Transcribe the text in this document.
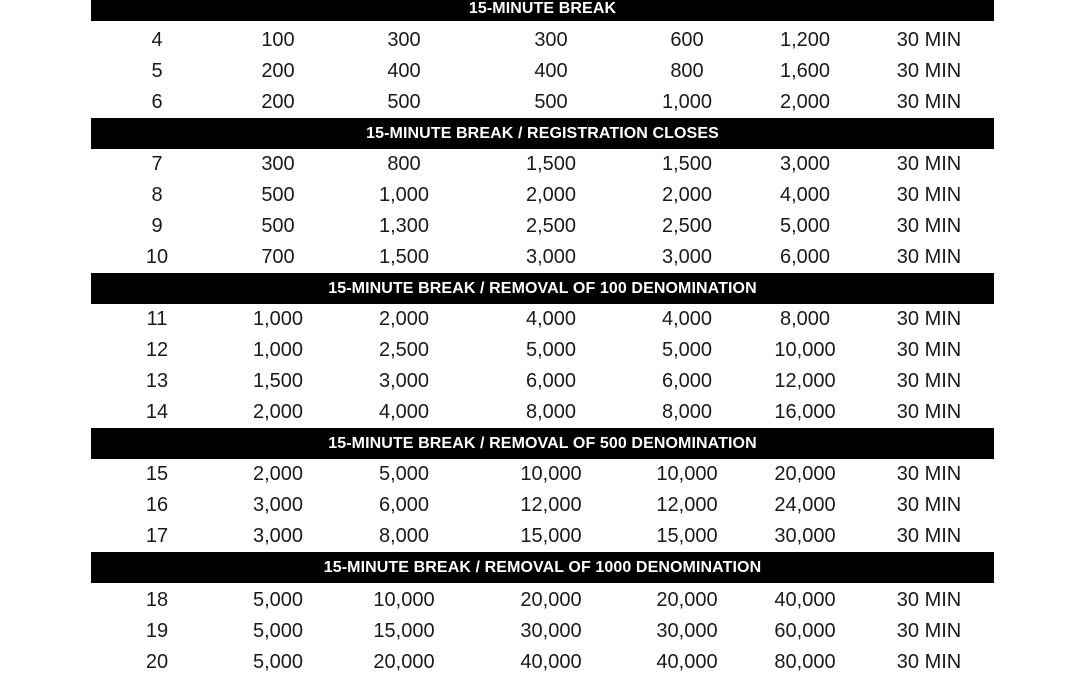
15-MINUTE BREAK
4	100	300	300	600	1,200	30 MIN
5	200	400	400	800	1,600	30 MIN
6	200	500	500	1,000	2,000	30 MIN
15-MINUTE BREAK / REGISTRATION CLOSES
7	300	800	1,500	1,500	3,000	30 MIN
8	500	1,000	2,000	2,000	4,000	30 MIN
9	500	1,300	2,500	2,500	5,000	30 MIN
10	700	1,500	3,000	3,000	6,000	30 MIN
15-MINUTE BREAK / REMOVAL OF 100 DENOMINATION
11	1,000	2,000	4,000	4,000	8,000	30 MIN
12	1,000	2,500	5,000	5,000	10,000	30 MIN
13	1,500	3,000	6,000	6,000	12,000	30 MIN
14	2,000	4,000	8,000	8,000	16,000	30 MIN
15-MINUTE BREAK / REMOVAL OF 500 DENOMINATION
15	2,000	5,000	10,000	10,000	20,000	30 MIN
16	3,000	6,000	12,000	12,000	24,000	30 MIN
17	3,000	8,000	15,000	15,000	30,000	30 MIN
15-MINUTE BREAK / REMOVAL OF 1000 DENOMINATION
18	5,000	10,000	20,000	20,000	40,000	30 MIN
19	5,000	15,000	30,000	30,000	60,000	30 MIN
20	5,000	20,000	40,000	40,000	80,000	30 MIN
